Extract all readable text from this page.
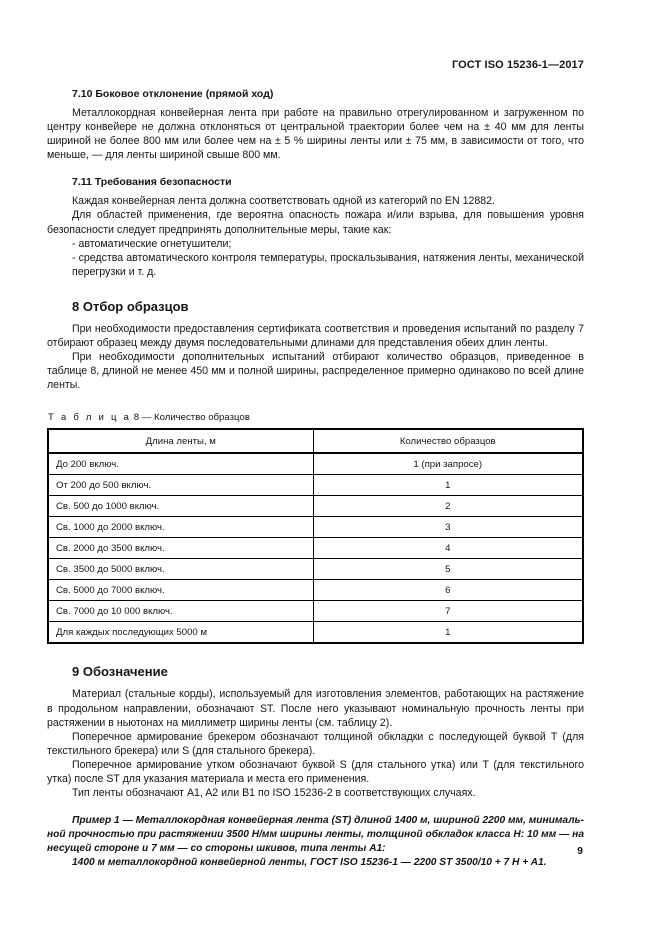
ГОСТ ISO 15236-1—2017
7.10 Боковое отклонение (прямой ход)

Металлокордная конвейерная лента при работе на правильно отрегулированном и загруженном по центру конвейере не должна отклоняться от центральной траектории более чем на ± 40 мм для ленты шириной не более 800 мм или более чем на ± 5 % ширины ленты или ± 75 мм, в зависимости от того, что меньше, — для ленты шириной свыше 800 мм.

7.11 Требования безопасности

Каждая конвейерная лента должна соответствовать одной из категорий по EN 12882.

Для областей применения, где вероятна опасность пожара и/или взрыва, для повышения уровня безопасности следует предпринять дополнительные меры, такие как:

- автоматические огнетушители;

- средства автоматического контроля температуры, проскальзывания, натяжения ленты, механической перегрузки и т. д.

8 Отбор образцов

При необходимости предоставления сертификата соответствия и проведения испытаний по разделу 7 отбирают образец между двумя последовательными длинами для представления обеих длин ленты.

При необходимости дополнительных испытаний отбирают количество образцов, приведенное в таблице 8, длиной не менее 450 мм и полной ширины, распределенное примерно одинаково по всей длине ленты.

Т а б л и ц а 8 — Количество образцов
Длина ленты, м	Количество образцов
До 200 включ.	1 (при запросе)
От 200 до 500 включ.	1
Св. 500 до 1000 включ.	2
Св. 1000 до 2000 включ.	3
Св. 2000 до 3500 включ.	4
Св. 3500 до 5000 включ.	5
Св. 5000 до 7000 включ.	6
Св. 7000 до 10 000 включ.	7
Для каждых последующих 5000 м	1
9 Обозначение

Материал (стальные корды), используемый для изготовления элементов, работающих на растяжение в продольном направлении, обозначают ST. После него указывают номинальную прочность ленты при растяжении в ньютонах на миллиметр ширины ленты (см. таблицу 2).

Поперечное армирование брекером обозначают толщиной обкладки с последующей буквой T (для текстильного брекера) или S (для стального брекера).

Поперечное армирование утком обозначают буквой S (для стального утка) или T (для текстильного утка) после ST для указания материала и места его применения.

Тип ленты обозначают A1, A2 или B1 по ISO 15236-2 в соответствующих случаях.

Пример 1 — Металлокордная конвейерная лента (ST) длиной 1400 м, шириной 2200 мм, минимальной прочностью при растяжении 3500 Н/мм ширины ленты, толщиной обкладок класса H: 10 мм — на несущей стороне и 7 мм — со стороны шкивов, типа ленты A1:

1400 м металлокордной конвейерной ленты, ГОСТ ISO 15236-1 — 2200 ST 3500/10 + 7 H + A1.

9
